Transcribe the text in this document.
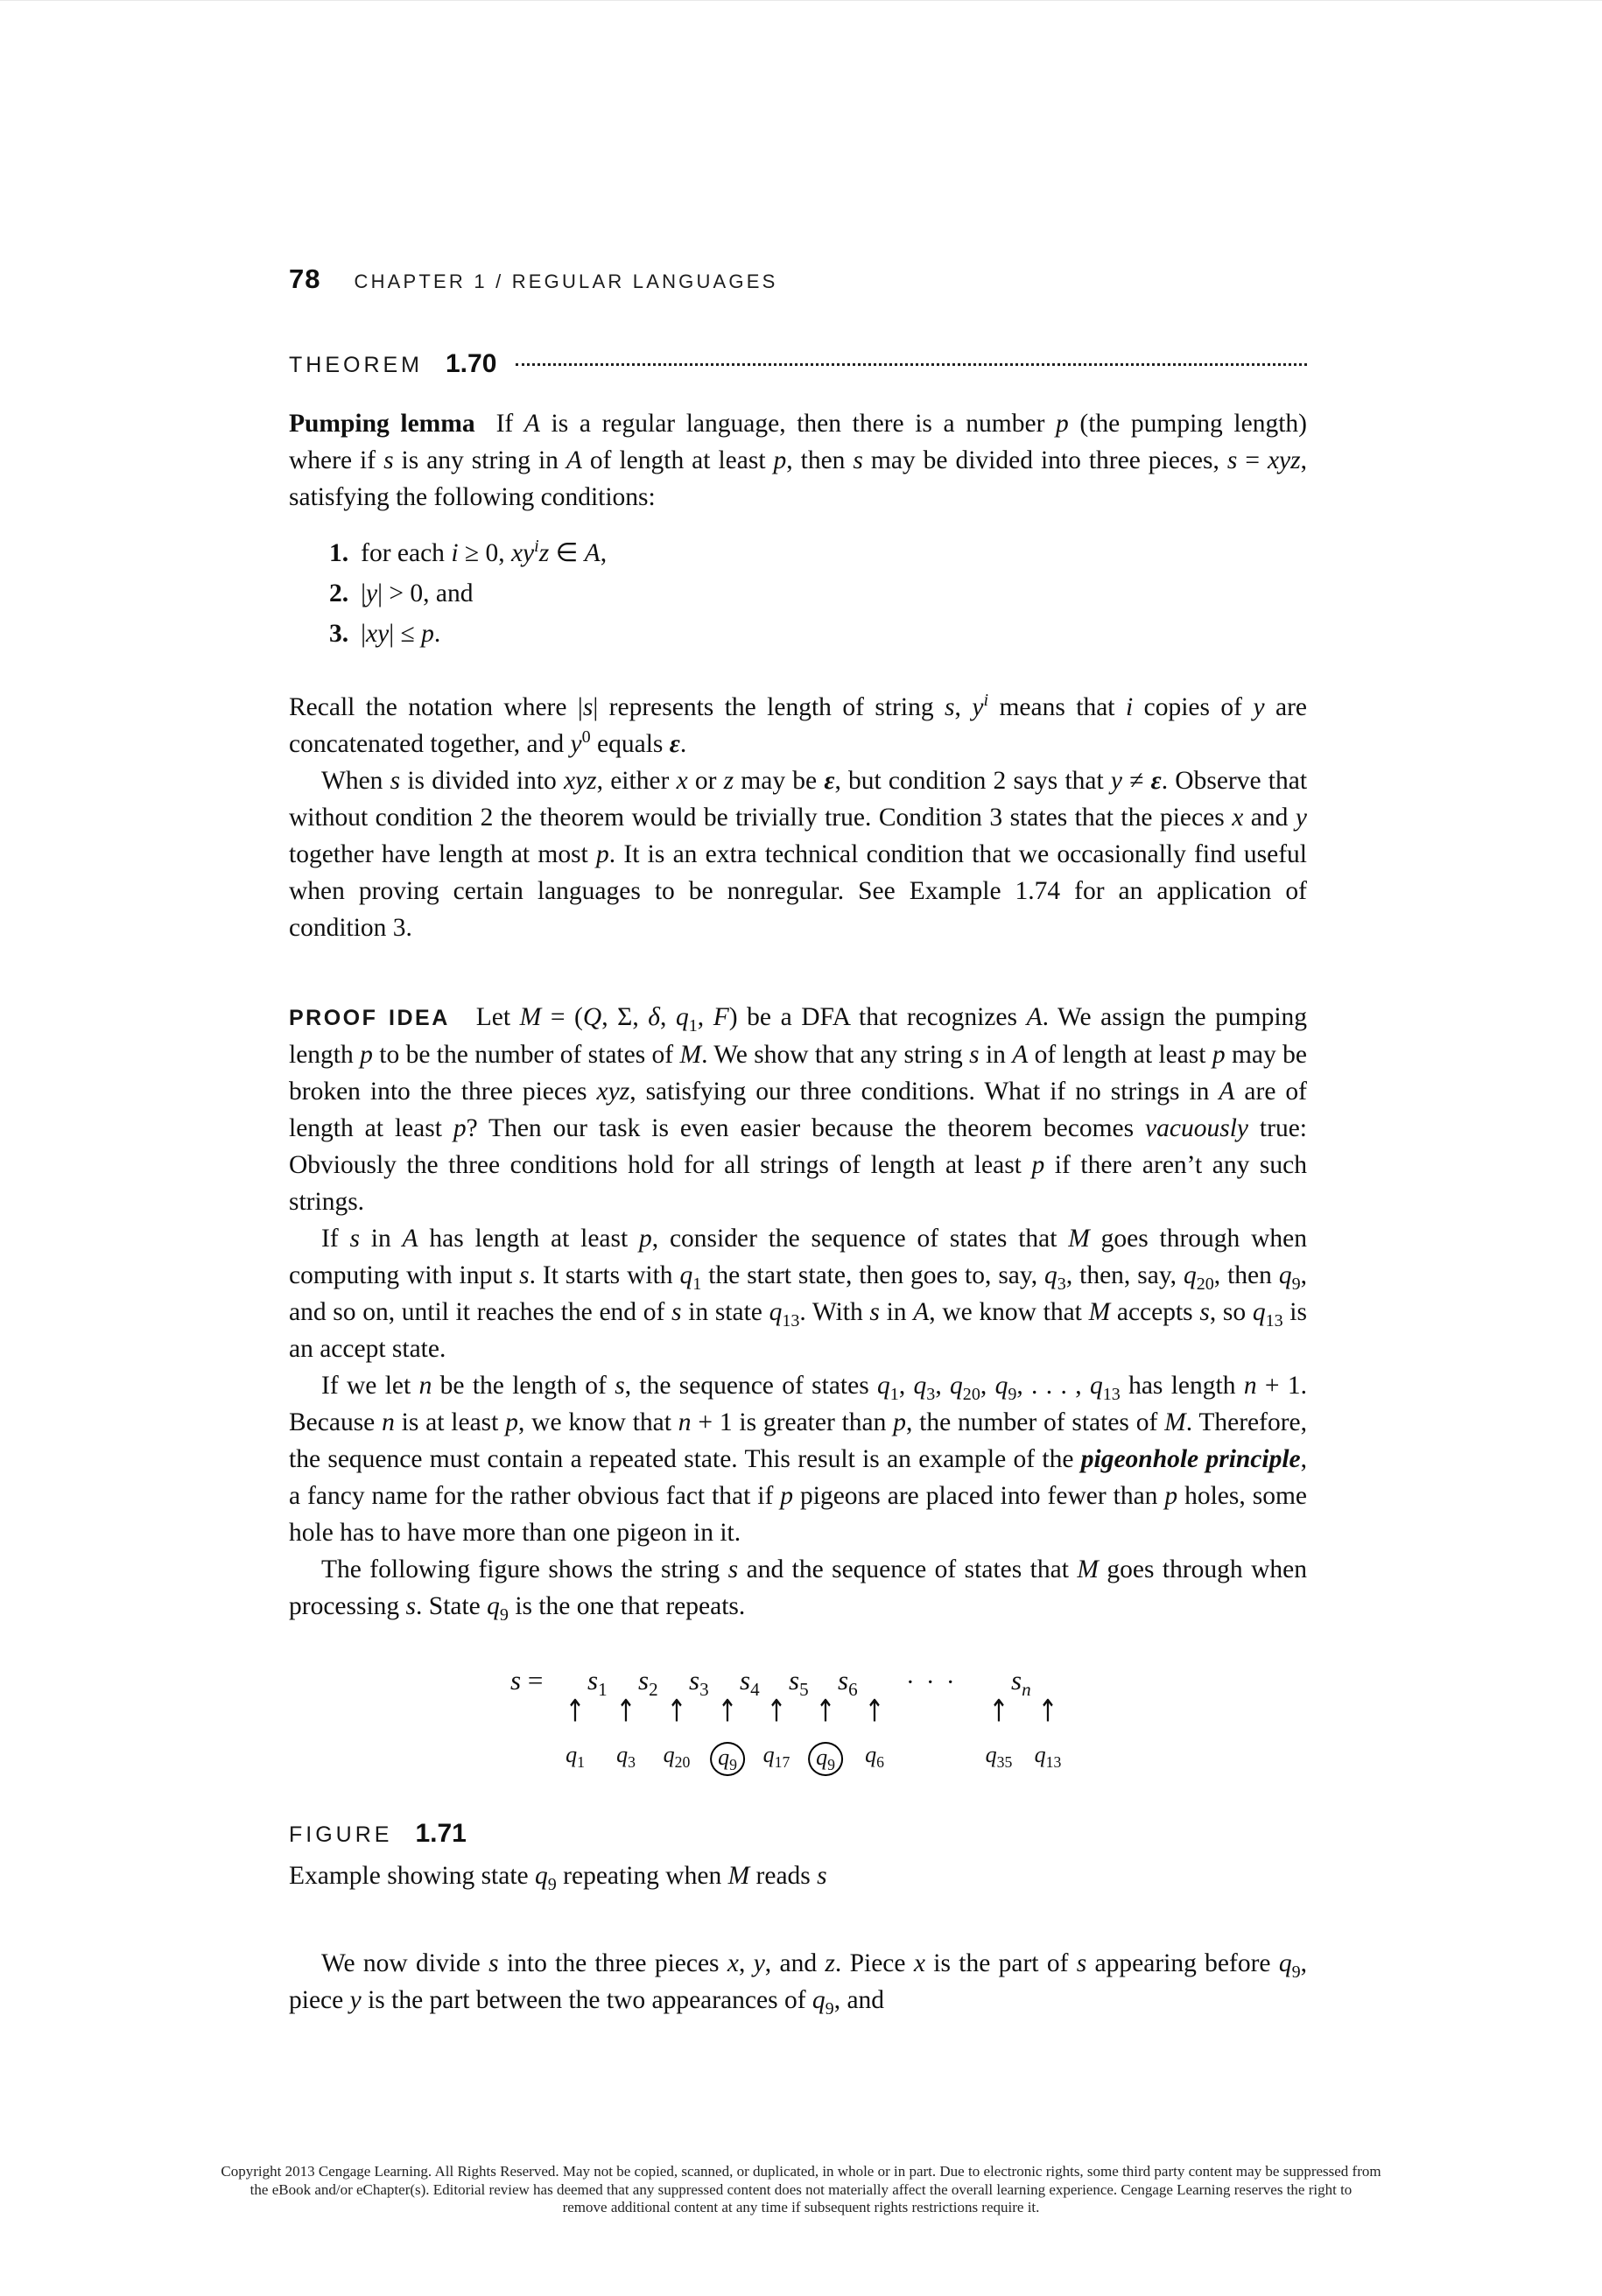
78 CHAPTER 1 / REGULAR LANGUAGES
THEOREM 1.70

Pumping lemma If A is a regular language, then there is a number p (the pumping length) where if s is any string in A of length at least p, then s may be divided into three pieces, s = xyz, satisfying the following conditions:

1. for each i ≥ 0, $xy^iz$ ∈ A,
2. |y| > 0, and
3. |xy| ≤ p.

Recall the notation where |s| represents the length of string s, $y^i$ means that i copies of y are concatenated together, and $y^0$ equals ε.

When s is divided into xyz, either x or z may be ε, but condition 2 says that y ≠ ε. Observe that without condition 2 the theorem would be trivially true. Condition 3 states that the pieces x and y together have length at most p. It is an extra technical condition that we occasionally find useful when proving certain languages to be nonregular. See Example 1.74 for an application of condition 3.

PROOF IDEA Let M = (Q, Σ, δ, $q_1$, F) be a DFA that recognizes A. We assign the pumping length p to be the number of states of M. We show that any string s in A of length at least p may be broken into the three pieces xyz, satisfying our three conditions. What if no strings in A are of length at least p? Then our task is even easier because the theorem becomes vacuously true: Obviously the three conditions hold for all strings of length at least p if there aren’t any such strings.

If s in A has length at least p, consider the sequence of states that M goes through when computing with input s. It starts with $q_1$ the start state, then goes to, say, $q_3$, then, say, $q_{20}$, then $q_9$, and so on, until it reaches the end of s in state $q_{13}$. With s in A, we know that M accepts s, so $q_{13}$ is an accept state.

If we let n be the length of s, the sequence of states $q_1$, $q_3$, $q_{20}$, $q_9$, . . . , $q_{13}$ has length n + 1. Because n is at least p, we know that n + 1 is greater than p, the number of states of M. Therefore, the sequence must contain a repeated state. This result is an example of the pigeonhole principle, a fancy name for the rather obvious fact that if p pigeons are placed into fewer than p holes, some hole has to have more than one pigeon in it.

The following figure shows the string s and the sequence of states that M goes through when processing s. State $q_9$ is the one that repeats.

$s = s_1$ $s_2$ $s_3$ $s_4$ $s_5$ $s_6$ · · · $s_n$
↑ ↑ ↑ ↑ ↑ ↑ ↑	↑ ↑
$q_1$ $q_3$ $q_{20}$	$q_9$	$q_{17}$	$q_9$	$q_6$	$q_{35}$ $q_{13}$
FIGURE 1.71
Example showing state $q_9$ repeating when M reads s

We now divide s into the three pieces x, y, and z. Piece x is the part of s appearing before $q_9$, piece y is the part between the two appearances of $q_9$, and

Copyright 2013 Cengage Learning. All Rights Reserved. May not be copied, scanned, or duplicated, in whole or in part. Due to electronic rights, some third party content may be suppressed from
the eBook and/or eChapter(s). Editorial review has deemed that any suppressed content does not materially affect the overall learning experience. Cengage Learning reserves the right to
remove additional content at any time if subsequent rights restrictions require it.
